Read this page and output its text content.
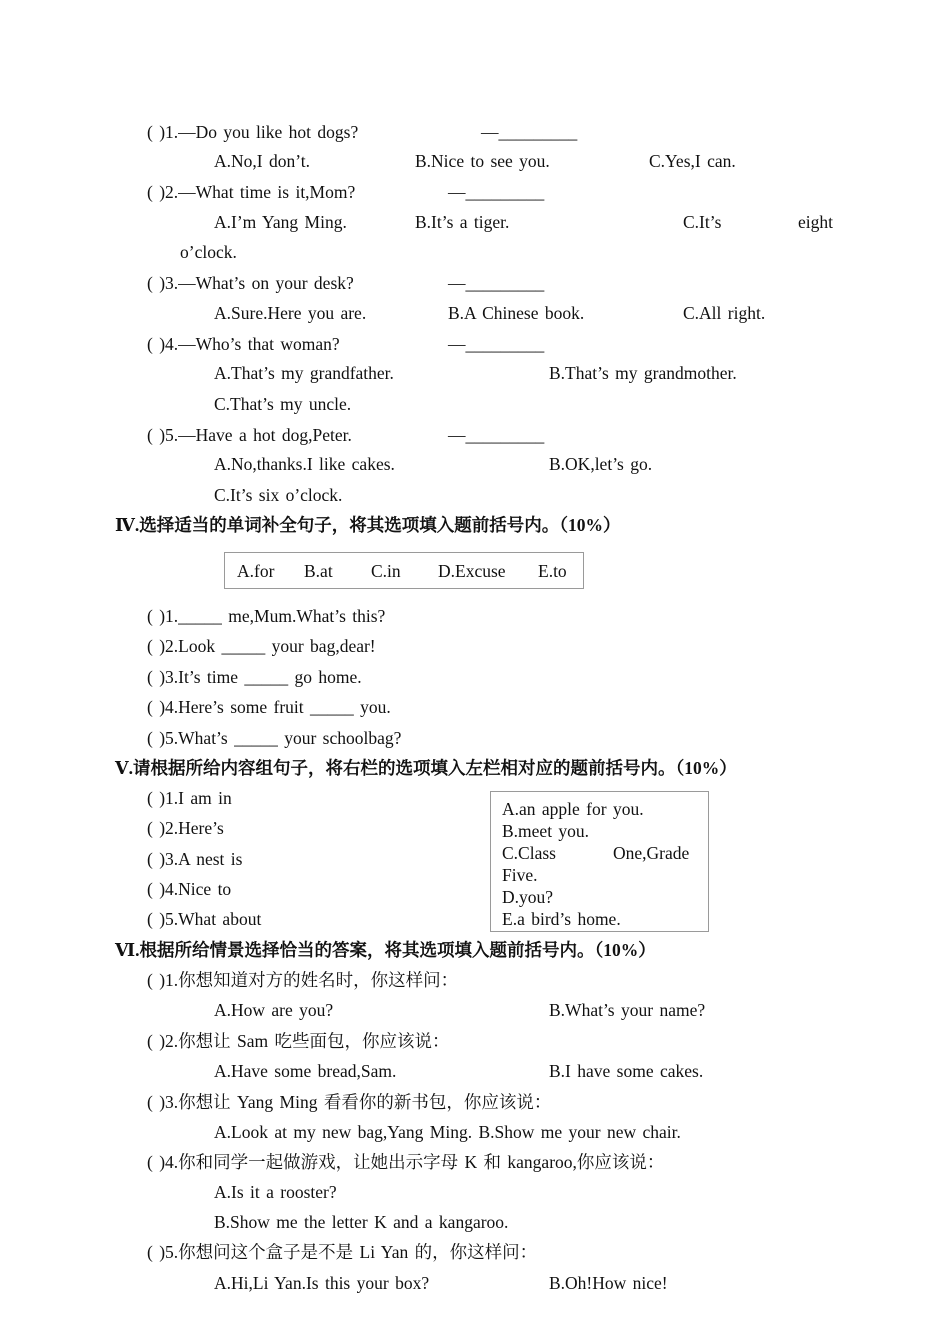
( )1.—Do you like hot dogs?	—_________
A.No,I don’t.	B.Nice to see you.	C.Yes,I can.
( )2.—What time is it,Mom?	—_________
A.I’m Yang Ming.	B.It’s a tiger.	C.It’s	eight
o’clock.
( )3.—What’s on your desk?	—_________
A.Sure.Here you are.	B.A Chinese book.	C.All right.
( )4.—Who’s that woman?	—_________
A.That’s my grandfather.	B.That’s my grandmother.
C.That’s my uncle.
( )5.—Have a hot dog,Peter.	—_________
A.No,thanks.I like cakes.	B.OK,let’s go.
C.It’s six o’clock.
Ⅳ.选择适当的单词补全句子，将其选项填入题前括号内。（10%）
A.for B.at C.in D.Excuse E.to
( )1._____ me,Mum.What’s this?
( )2.Look _____ your bag,dear!
( )3.It’s time _____ go home.
( )4.Here’s some fruit _____ you.
( )5.What’s _____ your schoolbag?
Ⅴ.请根据所给内容组句子，将右栏的选项填入左栏相对应的题前括号内。（10%）
( )1.I am in
( )2.Here’s
( )3.A nest is
( )4.Nice to
( )5.What about
A.an apple for you.
B.meet you.
C.Class	One,Grade
Five.
D.you?
E.a bird’s home.
Ⅵ.根据所给情景选择恰当的答案，将其选项填入题前括号内。（10%）
( )1.你想知道对方的姓名时，你这样问：
A.How are you?	B.What’s your name?
( )2.你想让 Sam 吃些面包，你应该说：
A.Have some bread,Sam.	B.I have some cakes.
( )3.你想让 Yang Ming 看看你的新书包，你应该说：
A.Look at my new bag,Yang Ming. B.Show me your new chair.
( )4.你和同学一起做游戏，让她出示字母 K 和 kangaroo,你应该说：
A.Is it a rooster?
B.Show me the letter K and a kangaroo.
( )5.你想问这个盒子是不是 Li Yan 的，你这样问：
A.Hi,Li Yan.Is this your box?	B.Oh!How nice!
